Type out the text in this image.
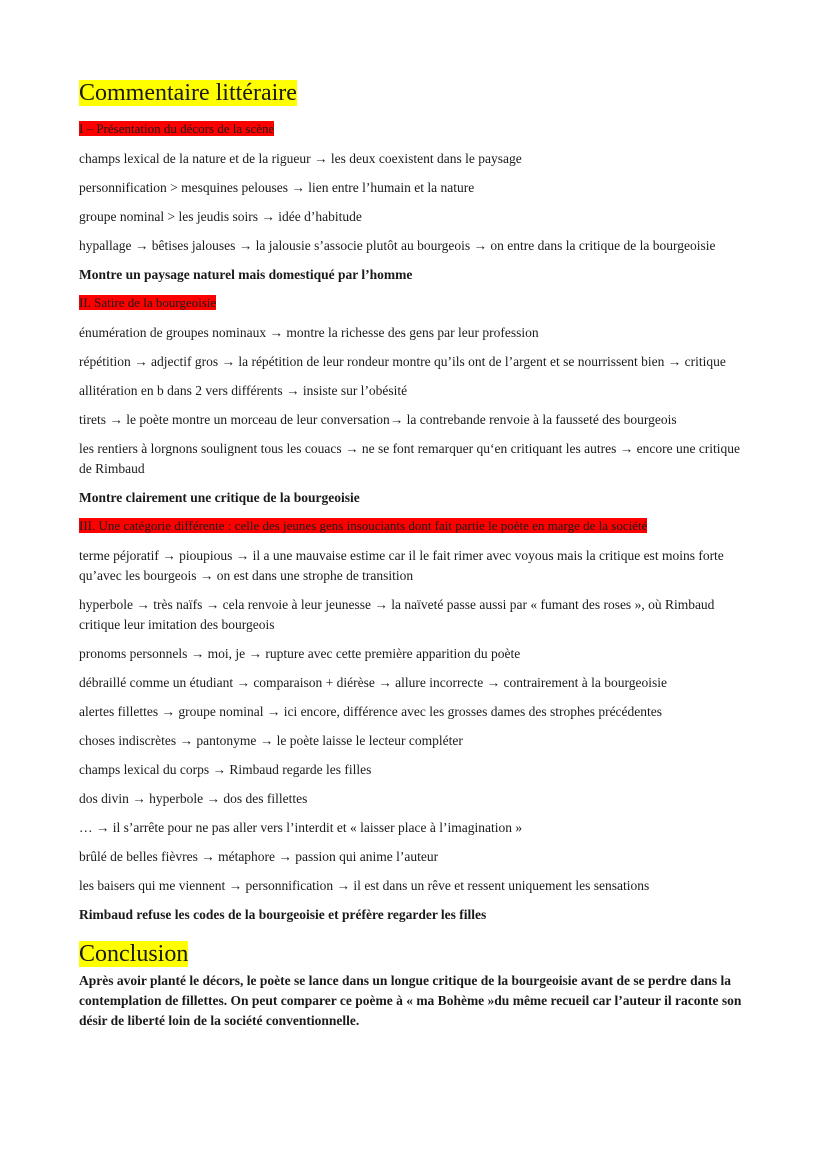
Commentaire littéraire
I – Présentation du décors de la scène

champs lexical de la nature et de la rigueur → les deux coexistent dans le paysage

personnification > mesquines pelouses → lien entre l’humain et la nature

groupe nominal > les jeudis soirs → idée d’habitude

hypallage → bêtises jalouses → la jalousie s’associe plutôt au bourgeois → on entre dans la critique de la bourgeoisie

Montre un paysage naturel mais domestiqué par l’homme

II. Satire de la bourgeoisie

énumération de groupes nominaux → montre la richesse des gens par leur profession

répétition → adjectif gros → la répétition de leur rondeur montre qu’ils ont de l’argent et se nourrissent bien → critique

allitération en b dans 2 vers différents → insiste sur l’obésité

tirets → le poète montre un morceau de leur conversation→ la contrebande renvoie à la fausseté des bourgeois

les rentiers à lorgnons soulignent tous les couacs → ne se font remarquer qu‘en critiquant les autres → encore une critique de Rimbaud

Montre clairement une critique de la bourgeoisie

III. Une catégorie différente : celle des jeunes gens insouciants dont fait partie le poète en marge de la société

terme péjoratif → pioupious → il a une mauvaise estime car il le fait rimer avec voyous mais la critique est moins forte qu’avec les bourgeois → on est dans une strophe de transition

hyperbole → très naïfs → cela renvoie à leur jeunesse → la naïveté passe aussi par « fumant des roses », où Rimbaud critique leur imitation des bourgeois

pronoms personnels → moi, je → rupture avec cette première apparition du poète

débraillé comme un étudiant → comparaison + diérèse → allure incorrecte → contrairement à la bourgeoisie

alertes fillettes → groupe nominal → ici encore, différence avec les grosses dames des strophes précédentes

choses indiscrètes → pantonyme → le poète laisse le lecteur compléter

champs lexical du corps → Rimbaud regarde les filles

dos divin → hyperbole → dos des fillettes

… → il s’arrête pour ne pas aller vers l’interdit et « laisser place à l’imagination »

brûlé de belles fièvres → métaphore → passion qui anime l’auteur

les baisers qui me viennent → personnification → il est dans un rêve et ressent uniquement les sensations

Rimbaud refuse les codes de la bourgeoisie et préfère regarder les filles

Conclusion

Après avoir planté le décors, le poète se lance dans un longue critique de la bourgeoisie avant de se perdre dans la contemplation de fillettes. On peut comparer ce poème à « ma Bohème »du même recueil car l’auteur il raconte son désir de liberté loin de la société conventionnelle.
